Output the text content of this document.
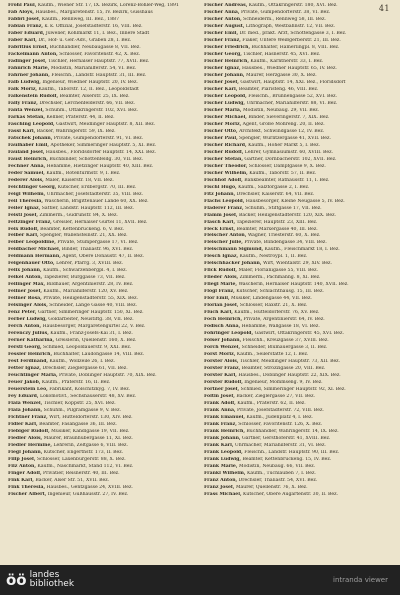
41
Fröhl Paul, Kaufm., Wiener Str. 17, IX. Bezirk, Lorenz-Böhler-Weg, 1891
Fab Aloys, Hausbes., Margaretenstr. 15, IV. Bezirk, Gusshaus
Fabbri Josef, Kaufm., Rennweg, III. Bez., 1887
Fabian Franz, k. k. Offizial, Josefstädterstr. 16, VIII. Bez.
Faber Eduard, Juwelier, Kohlmarkt 11, I. Bez., Innere Stadt
Faber Karl, Dr., Hof- u. Ger.-Adv., Graben 28, I. Bez.
Fabritius Ernst, Buchhändler, Neubaugasse 8, VII. Bez.
Fackelmann Anton, Schlosser, Favoritenstr. 42, X. Bez.
Fadinger Josef, Tischler, Hernalser Hauptstr. 77, XVII. Bez.
Fähnrich Marie, Modistin, Mariahilferstr. 54, VI. Bez.
Fahrner Johann, Fleischh., Landstr. Hauptstr. 31, III. Bez.
Falb Ludwig, Ingenieur, Wiedner Hauptstr. 20, IV. Bez.
Falk Moriz, Kaufm., Taborstr. 12, II. Bez., Leopoldstadt
Falkenstein Rudolf, Beamter, Alserstr. 25, IX. Bez.
Fally Franz, Drechsler, Lerchenfelderstr. 66, VII. Bez.
Fanta Wenzel, Schuhm., Ottakringerstr. 102, XVI. Bez.
Farkas Stefan, Kellner, Praterstr. 44, II. Bez.
Fasching Leopold, Gastwirt, Meidlinger Hauptstr. 8, XII. Bez.
Fassl Karl, Bäcker, Währingerstr. 59, IX. Bez.
Fatschek Johann, Private, Gumpendorferstr. 91, VI. Bez.
Faulhaber Emil, Apotheker, Simmeringer Hauptstr. 5, XI. Bez.
Fauland Josef, Hausbes., Floridsdorfer Hauptstr. 14, XXI. Bez.
Faust Heinrich, Buchbinder, Schottenfeldg. 30, VII. Bez.
Fechner Anna, Hebamme, Hietzinger Hauptstr. 40, XIII. Bez.
Feder Samuel, Kaufm., Rotenturmstr. 9, I. Bez.
Federer Alois, Maler, Kaiserstr. 18, VII. Bez.
Feichtinger Georg, Kutscher, Erdbergstr. 70, III. Bez.
Feigl Wilhelm, Uhrmacher, Josefstädterstr. 35, VIII. Bez.
Feil Theresia, Wäscherin, Brigittenauer Lände 60, XX. Bez.
Feiler Ignaz, Sattler, Landstr. Hauptstr. 112, III. Bez.
Feistl Josef, Zimmerm., Gudrunstr. 84, X. Bez.
Feitzinger Franz, Greisler, Hernalser Gürtel 11, XVII. Bez.
Feix Rudolf, Beamter, Kettenbrückeng. 6, V. Bez.
Felber Karl, Spengler, Wallensteinstr. 21, XX. Bez.
Felber Leopoldine, Private, Stumpergasse 17, VI. Bez.
Feldbacher Michael, Binder, Thaliastr. 96, XVI. Bez.
Feldmann Hermann, Agent, Obere Donaustr. 47, II. Bez.
Felgenhauer Otto, Lehrer, Pfarrg. 3, XVIII. Bez.
Felix Johann, Kaufm., Schwarzenbergpl. 4, I. Bez.
Felkel Anton, Tapezierer, Burggasse 73, VII. Bez.
Fellinger Max, Bildhauer, Argentinierstr. 28, IV. Bez.
Fellner Josef, Kaufm., Mariahilferstr. 120, XV. Bez.
Fellner Rosa, Private, Heiligenstädterstr. 55, XIX. Bez.
Felsinger Alois, Schneider, Lange Gasse 40, VIII. Bez.
Fenz Peter, Gärtner, Simmeringer Hauptstr. 150, XI. Bez.
Ferber Ludwig, Goldarbeiter, Neustiftg. 38, VII. Bez.
Ferch Anton, Hausbesorger, Margaretengürtel 22, V. Bez.
Ferenczy Julius, Kaufm., Franz-Josefs-Kai 31, I. Bez.
Ferner Katharina, Greislerin, Quellenstr. 160, X. Bez.
Ferstl Georg, Schmied, Leopoldauerstr. 9, XXI. Bez.
Fessler Heinrich, Buchhalter, Laudongasse 14, VIII. Bez.
Fest Ferdinand, Kaufm., Wollzeile 26, I. Bez.
Fetter Ignaz, Drechsler, Zieglergasse 61, VII. Bez.
Feuchtinger Maria, Private, Döblinger Hauptstr. 70, XIX. Bez.
Feuer Jakob, Kaufm., Praterstr. 16, II. Bez.
Feuerstein Leo, Fabrikant, Kolschitzkyg. 7, IV. Bez.
Fey Eduard, Lokomotivf., Sechshauserstr. 48, XV. Bez.
Fiala Wenzel, Tischler, Koppstr. 25, XVI. Bez.
Fiala Johann, Schuhm., Pilgramgasse 9, V. Bez.
Fichtner Franz, Wirt, Hütteldorferstr. 130, XIV. Bez.
Fidler Karl, Beamter, Fasangasse 36, III. Bez.
Fiebiger Rudolf, Musiker, Kandlgasse 19, VII. Bez.
Fiedler Alois, Maurer, Braunhubergasse 11, XI. Bez.
Fiedler Hermine, Lehrerin, Zeltgasse 6, VIII. Bez.
Fiegl Johann, Kutscher, Engerthstr. 173, II. Bez.
Filip Josef, Schlosser, Laxenburgerstr. 88, X. Bez.
Filz Anton, Kaufm., Naschmarkt, Stand 112, VI. Bez.
Finger Adolf, Privatier, Reisnerstr. 40, III. Bez.
Fink Karl, Bäcker, Alser Str. 51, XVII. Bez.
Fink Theresia, Hausbes., Gentzgasse 24, XVIII. Bez.
Fischer Albert, Ingenieur, Gußhausstr. 27, IV. Bez.
Fischer Andreas, Kaufm., Ottakringerstr. 180, XVI. Bez.
Fischer Anna, Private, Gumpendorferstr. 38, VI. Bez.
Fischer Anton, Schneiderm., Rennweg 58, III. Bez.
Fischer August, Lithograph, Westbahnstr. 12, VII. Bez.
Fischer Emil, Dr. med., prakt. Arzt, Schottengasse 3, I. Bez.
Fischer Franz, Fiaker, Untere Weißgerberstr. 21, III. Bez.
Fischer Friedrich, Buchhalter, Hamerlingpl. 8, VIII. Bez.
Fischer Georg, Tischler, Hasnerstr. 45, XVI. Bez.
Fischer Heinrich, Kaufm., Kärntnerstr. 33, I. Bez.
Fischer Ignaz, Hausbes., Wiedner Hauptstr. 65, IV. Bez.
Fischer Johann, Maurer, Herzgasse 30, X. Bez.
Fischer Josef, Gastwirt, Hauptstr. 14, XXI. Bez., Floridsdorf
Fischer Karl, Beamter, Piaristeng. 46, VIII. Bez.
Fischer Leopold, Fleischh., Brunnengasse 52, XVI. Bez.
Fischer Ludwig, Uhrmacher, Mariahilferstr. 88, VI. Bez.
Fischer Maria, Modistin, Neubaug. 29, VII. Bez.
Fischer Michael, Binder, Sieveringerstr. 7, XIX. Bez.
Fischer Moriz, Agent, Große Mohreng. 20, II. Bez.
Fischer Otto, Architekt, Schwindgasse 12, IV. Bez.
Fischer Paul, Spengler, Wurlitzergasse 41, XVII. Bez.
Fischer Richard, Kaufm., Hoher Markt 5, I. Bez.
Fischer Rudolf, Lehrer, Gymnasiumstr. 60, XVIII. Bez.
Fischer Stefan, Gärtner, Dornbacherstr. 102, XVII. Bez.
Fischer Theodor, Schlosser, Dampfgasse 9, X. Bez.
Fischer Wilhelm, Kaufm., Taborstr. 57, II. Bez.
Fischhof Adolf, Bankbeamter, Rathausstr. 11, I. Bez.
Fischl Hugo, Kaufm., Salztorgasse 2, I. Bez.
Fitz Johann, Drechsler, Kaiserstr. 64, VII. Bez.
Flachs Leopold, Hausbesorger, Kleine Neugasse 5, IV. Bez.
Fladerer Franz, Schuhm., Stiftgasse 17, VII. Bez.
Flamm Josef, Bäcker, Heiligenstädterstr. 120, XIX. Bez.
Flasch Karl, Tapezierer, Hauptstr. 23, XIII. Bez.
Fleck Ernst, Beamter, Marxergasse 40, III. Bez.
Fleischer Anton, Wagner, Triesterstr. 60, X. Bez.
Fleischer Julie, Private, Blindengasse 34, VIII. Bez.
Fleischmann Sigmund, Kaufm., Fleischmarkt 18, I. Bez.
Flesch Ignaz, Kaufm., Nestroypl. 1, II. Bez.
Fleischhacker Johann, Wirt, Wientalstr. 29, XIV. Bez.
Flick Rudolf, Maler, Florianigasse 55, VIII. Bez.
Flieder Alois, Zimmerm., Pachmanng. 8, XI. Bez.
Fliegl Marie, Wäscherin, Hernalser Hauptstr. 140, XVII. Bez.
Flögl Franz, Kutscher, Schlachthausg. 15, III. Bez.
Flor Emil, Musiker, Lindengasse 44, VII. Bez.
Florian Josef, Schlosser, Raxstr. 21, X. Bez.
Fluch Karl, Kaufm., Hütteldorferstr. 76, XV. Bez.
Foch Heinrich, Private, Argentinierstr. 64, IV. Bez.
Födisch Anna, Hebamme, Wallgasse 18, VI. Bez.
Fohringer Leopold, Gastwirt, Ottakringerstr. 45, XVI. Bez.
Fölser Johann, Fleischh., Kreuzgasse 37, XVIII. Bez.
Forch Wenzel, Schneider, Blumauergasse 3, II. Bez.
Forst Moriz, Kaufm., Seilerstätte 12, I. Bez.
Forster Alois, Tischler, Meidlinger Hauptstr. 73, XII. Bez.
Forster Franz, Beamter, Strozzigasse 20, VIII. Bez.
Forster Karl, Hausbes., Döblinger Hauptstr. 22, XIX. Bez.
Förster Rudolf, Ingenieur, Mommseng. 9, IV. Bez.
Fortner Josef, Schmied, Simmeringer Hauptstr. 92, XI. Bez.
Foltin Josef, Bäcker, Zieglergasse 27, VII. Bez.
Frank Adolf, Kaufm., Praterstr. 62, II. Bez.
Frank Anna, Private, Josefstädterstr. 72, VIII. Bez.
Frank Emanuel, Kaufm., Judenplatz 4, I. Bez.
Frank Franz, Schlosser, Favoritenstr. 126, X. Bez.
Frank Heinrich, Buchhändler, Währingerstr. 14, IX. Bez.
Frank Johann, Gärtner, Gersthoferstr. 41, XVIII. Bez.
Frank Karl, Uhrmacher, Mariahilferstr. 31, VI. Bez.
Frank Leopold, Fleischh., Landstr. Hauptstr. 90, III. Bez.
Frank Ludwig, Beamter, Kettenbrückeng. 15, IV. Bez.
Frank Marie, Modistin, Neubaug. 66, VII. Bez.
Frankl Wilhelm, Kaufm., Tuchlauben 7, I. Bez.
Franz Anton, Drechsler, Thaliastr. 54, XVI. Bez.
Franz Josef, Maurer, Quellenstr. 76, X. Bez.
Frass Michael, Kutscher, Obere Augartenstr. 30, II. Bez.
öö landes
bibliothek	intranda viewer
